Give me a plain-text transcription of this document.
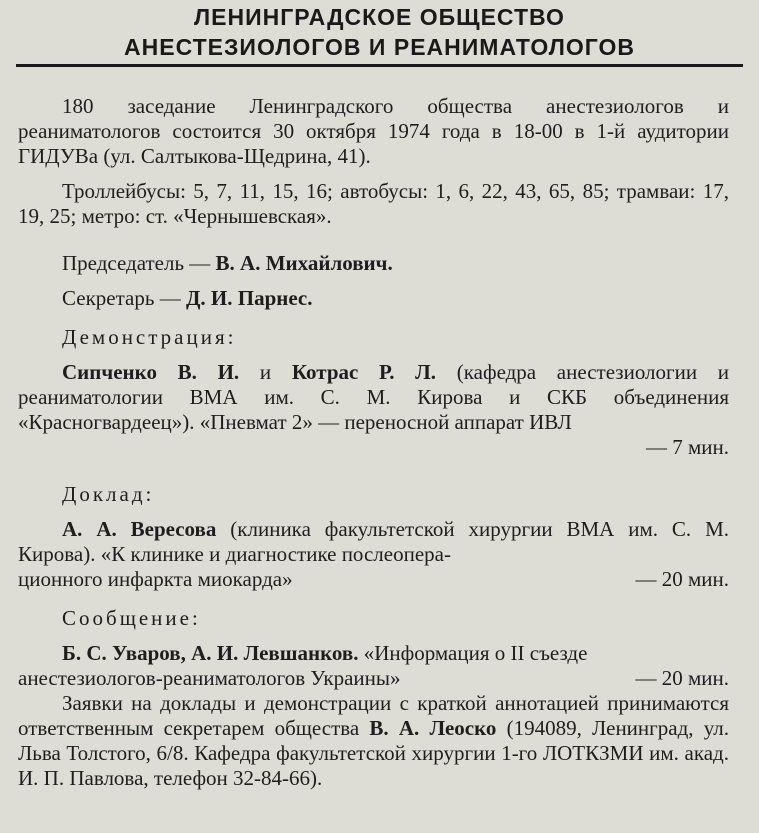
ЛЕНИНГРАДСКОЕ ОБЩЕСТВО
АНЕСТЕЗИОЛОГОВ И РЕАНИМАТОЛОГОВ

180 заседание Ленинградского общества анестезиологов и реаниматологов состоится 30 октября 1974 года в 18-00 в 1-й аудитории ГИДУВа (ул. Салтыкова-Щедрина, 41).

Троллейбусы: 5, 7, 11, 15, 16; автобусы: 1, 6, 22, 43, 65, 85; трамваи: 17, 19, 25; метро: ст. «Чернышевская».

Председатель — В. А. Михайлович.

Секретарь — Д. И. Парнес.

Демонстрация:

Сипченко В. И. и Котрас Р. Л. (кафедра анестезиологии и реаниматологии ВМА им. С. М. Кирова и СКБ объединения «Красногвардеец»). «Пневмат 2» — переносной аппарат ИВЛ

— 7 мин.

Доклад:

А. А. Вересова (клиника факультетской хирургии ВМА им. С. М. Кирова). «К клинике и диагностике послеопера-

ционного инфаркта миокарда»	— 20 мин.

Сообщение:

Б. С. Уваров, А. И. Левшанков. «Информация о II съезде

анестезиологов-реаниматологов Украины»	— 20 мин.

Заявки на доклады и демонстрации с краткой аннотацией принимаются ответственным секретарем общества В. А. Леоско (194089, Ленинград, ул. Льва Толстого, 6/8. Кафедра факультетской хирургии 1-го ЛОТКЗМИ им. акад. И. П. Павлова, телефон 32-84-66).
